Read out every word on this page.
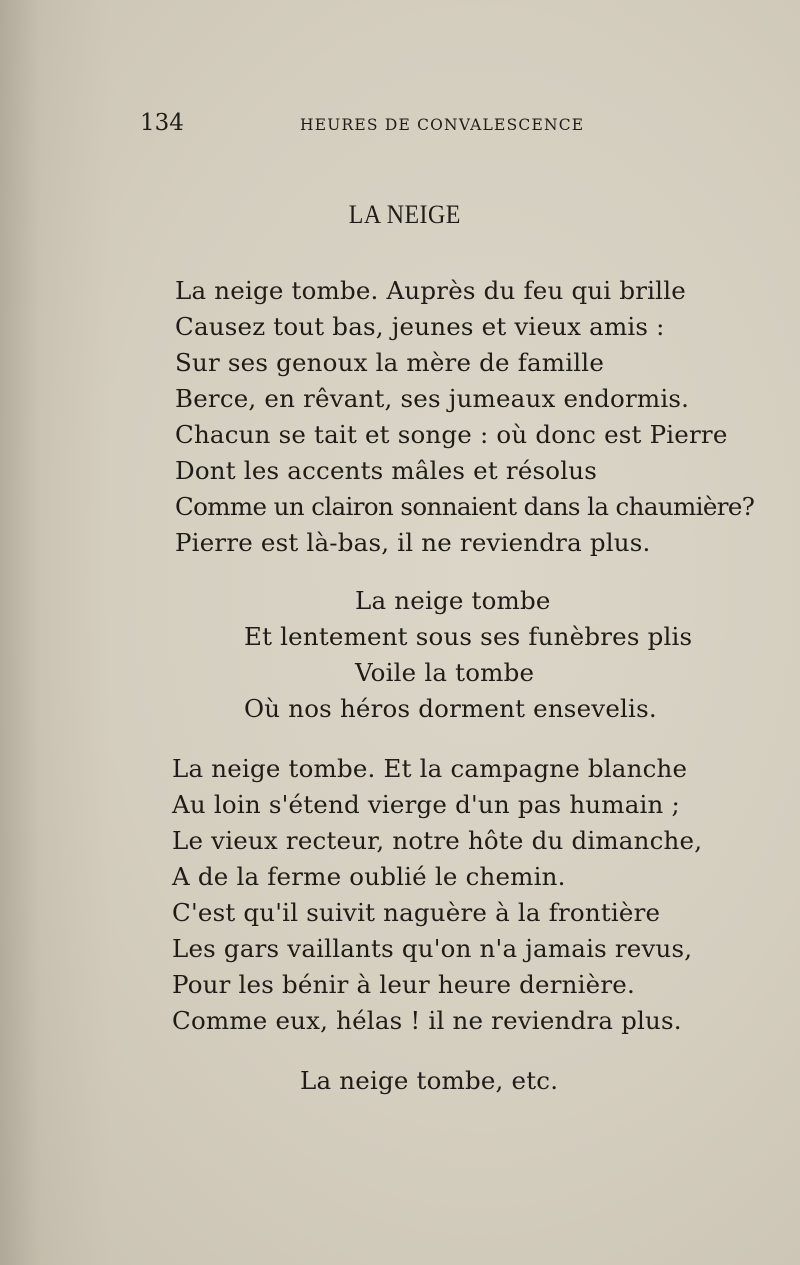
134	HEURES DE CONVALESCENCE
LA NEIGE
La neige tombe. Auprès du feu qui brille
Causez tout bas, jeunes et vieux amis :
Sur ses genoux la mère de famille
Berce, en rêvant, ses jumeaux endormis.
Chacun se tait et songe : où donc est Pierre
Dont les accents mâles et résolus
Comme un clairon sonnaient dans la chaumière?
Pierre est là-bas, il ne reviendra plus.
La neige tombe
Et lentement sous ses funèbres plis
Voile la tombe
Où nos héros dorment ensevelis.
La neige tombe. Et la campagne blanche
Au loin s'étend vierge d'un pas humain ;
Le vieux recteur, notre hôte du dimanche,
A de la ferme oublié le chemin.
C'est qu'il suivit naguère à la frontière
Les gars vaillants qu'on n'a jamais revus,
Pour les bénir à leur heure dernière.
Comme eux, hélas ! il ne reviendra plus.
La neige tombe, etc.
